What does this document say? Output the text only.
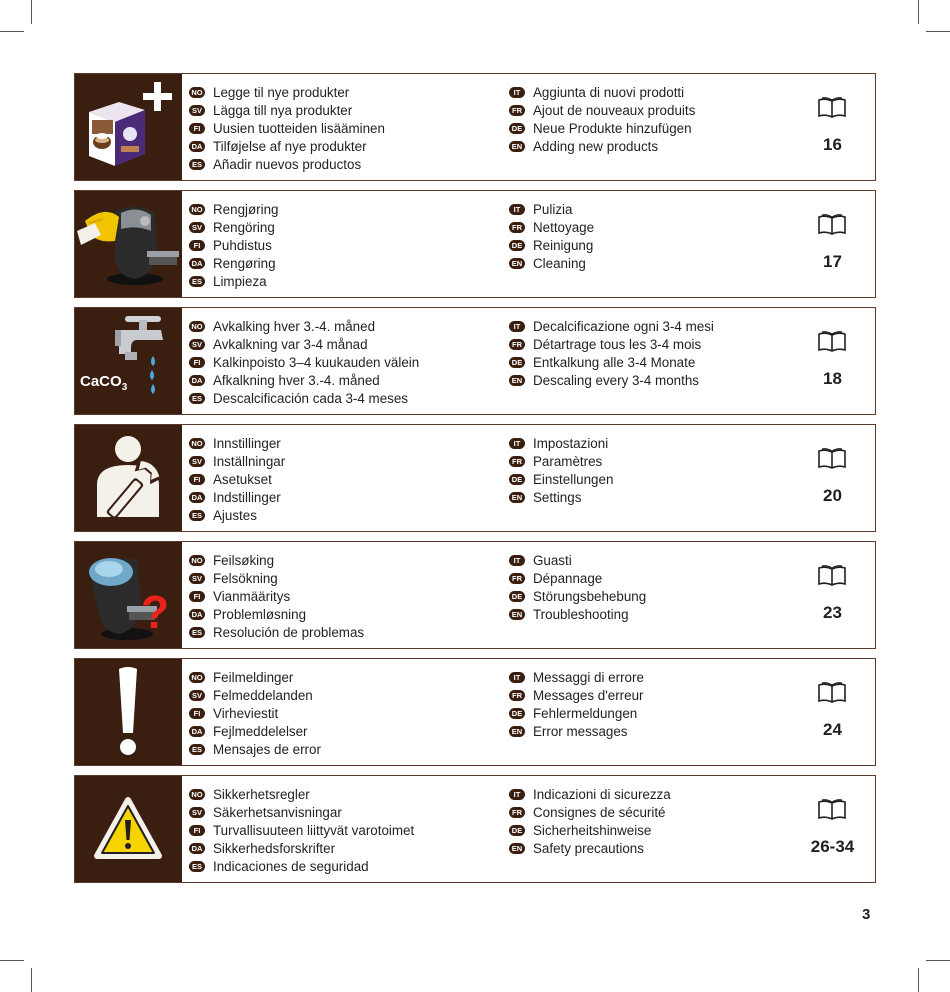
NO Legge til nye produkter
SV Lägga till nya produkter
FI Uusien tuotteiden lisääminen
DA Tilføjelse af nye produkter
ES Añadir nuevos productos
IT Aggiunta di nuovi prodotti
FR Ajout de nouveaux produits
DE Neue Produkte hinzufügen
EN Adding new products	16
NO Rengjøring
SV Rengöring
FI Puhdistus
DA Rengøring
ES Limpieza
IT Pulizia
FR Nettoyage
DE Reinigung
EN Cleaning	17
CaCO$_3$
NO Avkalking hver 3.-4. måned
SV Avkalkning var 3-4 månad
FI Kalkinpoisto 3–4 kuukauden välein
DA Afkalkning hver 3.-4. måned
ES Descalcificación cada 3-4 meses
IT Decalcificazione ogni 3-4 mesi
FR Détartrage tous les 3-4 mois
DE Entkalkung alle 3-4 Monate
EN Descaling every 3-4 months	18
NO Innstillinger
SV Inställningar
FI Asetukset
DA Indstillinger
ES Ajustes
IT Impostazioni
FR Paramètres
DE Einstellungen
EN Settings	20
?
NO Feilsøking
SV Felsökning
FI Vianmääritys
DA Problemløsning
ES Resolución de problemas
IT Guasti
FR Dépannage
DE Störungsbehebung
EN Troubleshooting	23
NO Feilmeldinger
SV Felmeddelanden
FI Virheviestit
DA Fejlmeddelelser
ES Mensajes de error
IT Messaggi di errore
FR Messages d'erreur
DE Fehlermeldungen
EN Error messages	24
NO Sikkerhetsregler
SV Säkerhetsanvisningar
FI Turvallisuuteen liittyvät varotoimet
DA Sikkerhedsforskrifter
ES Indicaciones de seguridad
IT Indicazioni di sicurezza
FR Consignes de sécurité
DE Sicherheitshinweise
EN Safety precautions	26-34
3
